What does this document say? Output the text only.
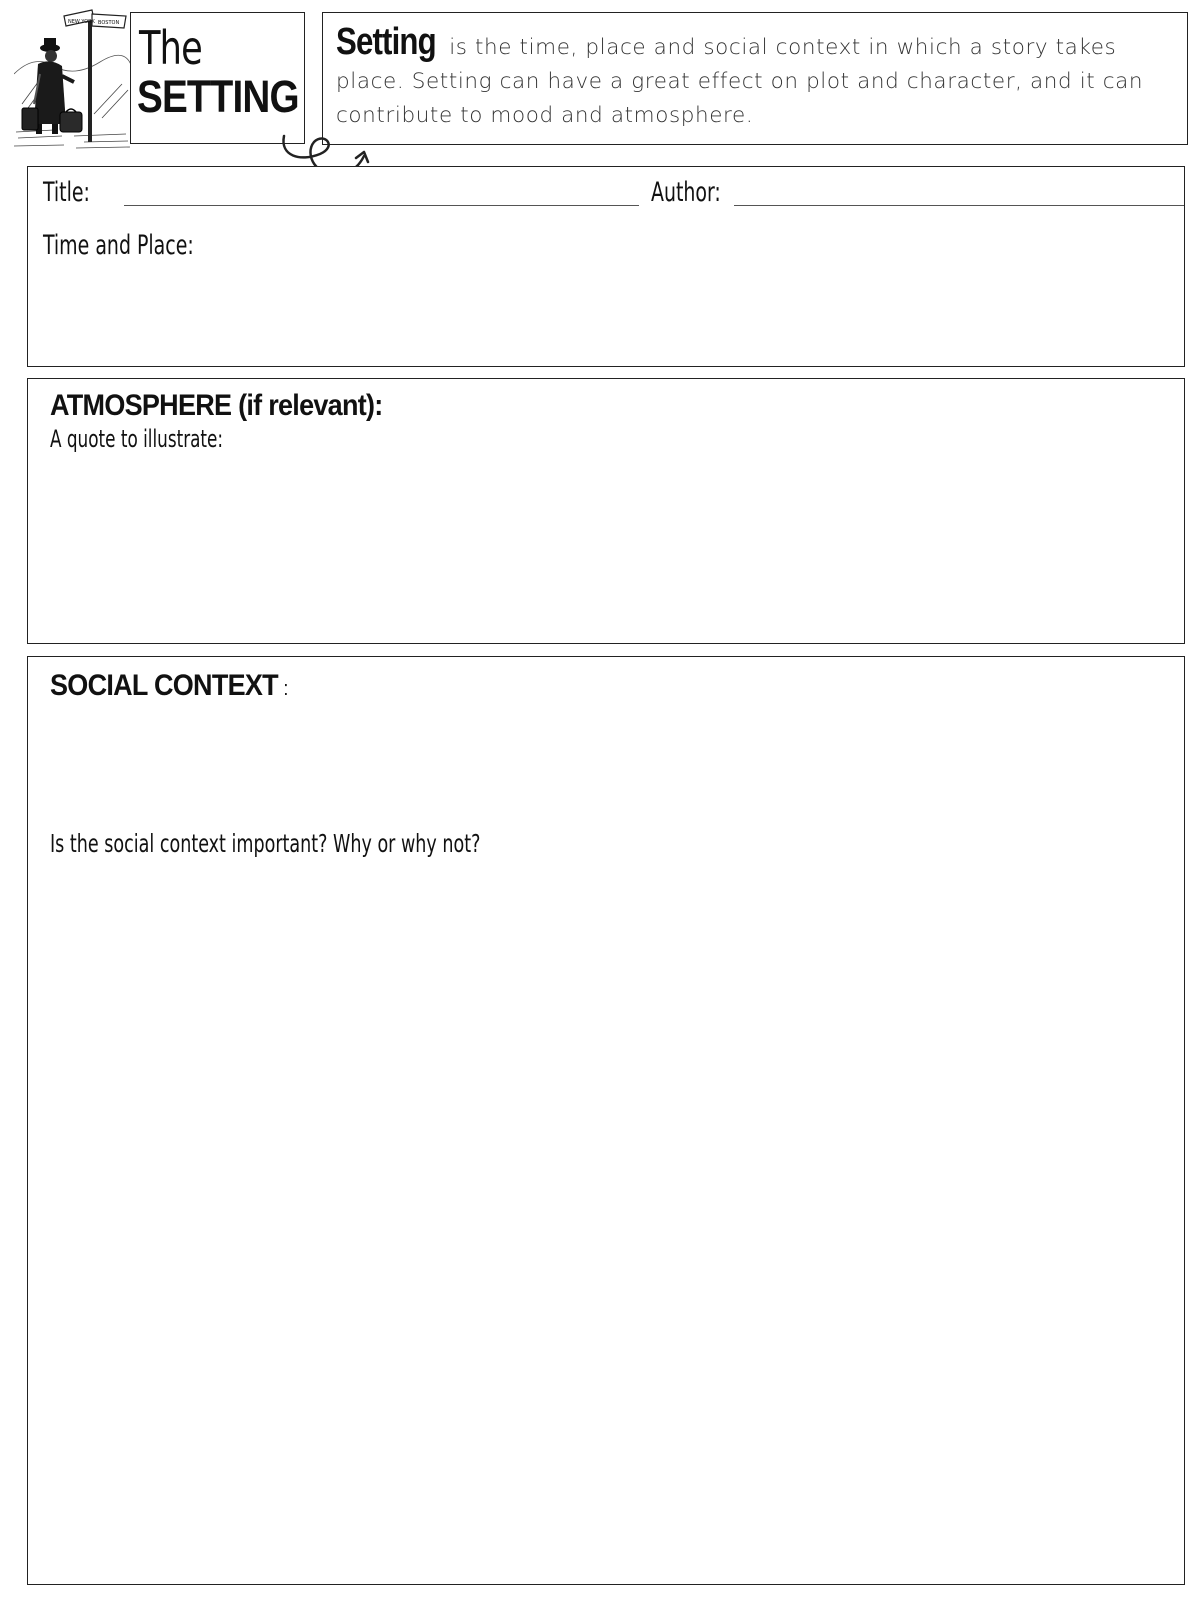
NEW YORK BOSTON The
SETTING
Setting is the time, place and social context in which a story takes place. Setting can have a great effect on plot and character, and it can contribute to mood and atmosphere.
Title:	Author:
Time and Place:
ATMOSPHERE (if relevant):
A quote to illustrate:
SOCIAL CONTEXT :
Is the social context important? Why or why not?
